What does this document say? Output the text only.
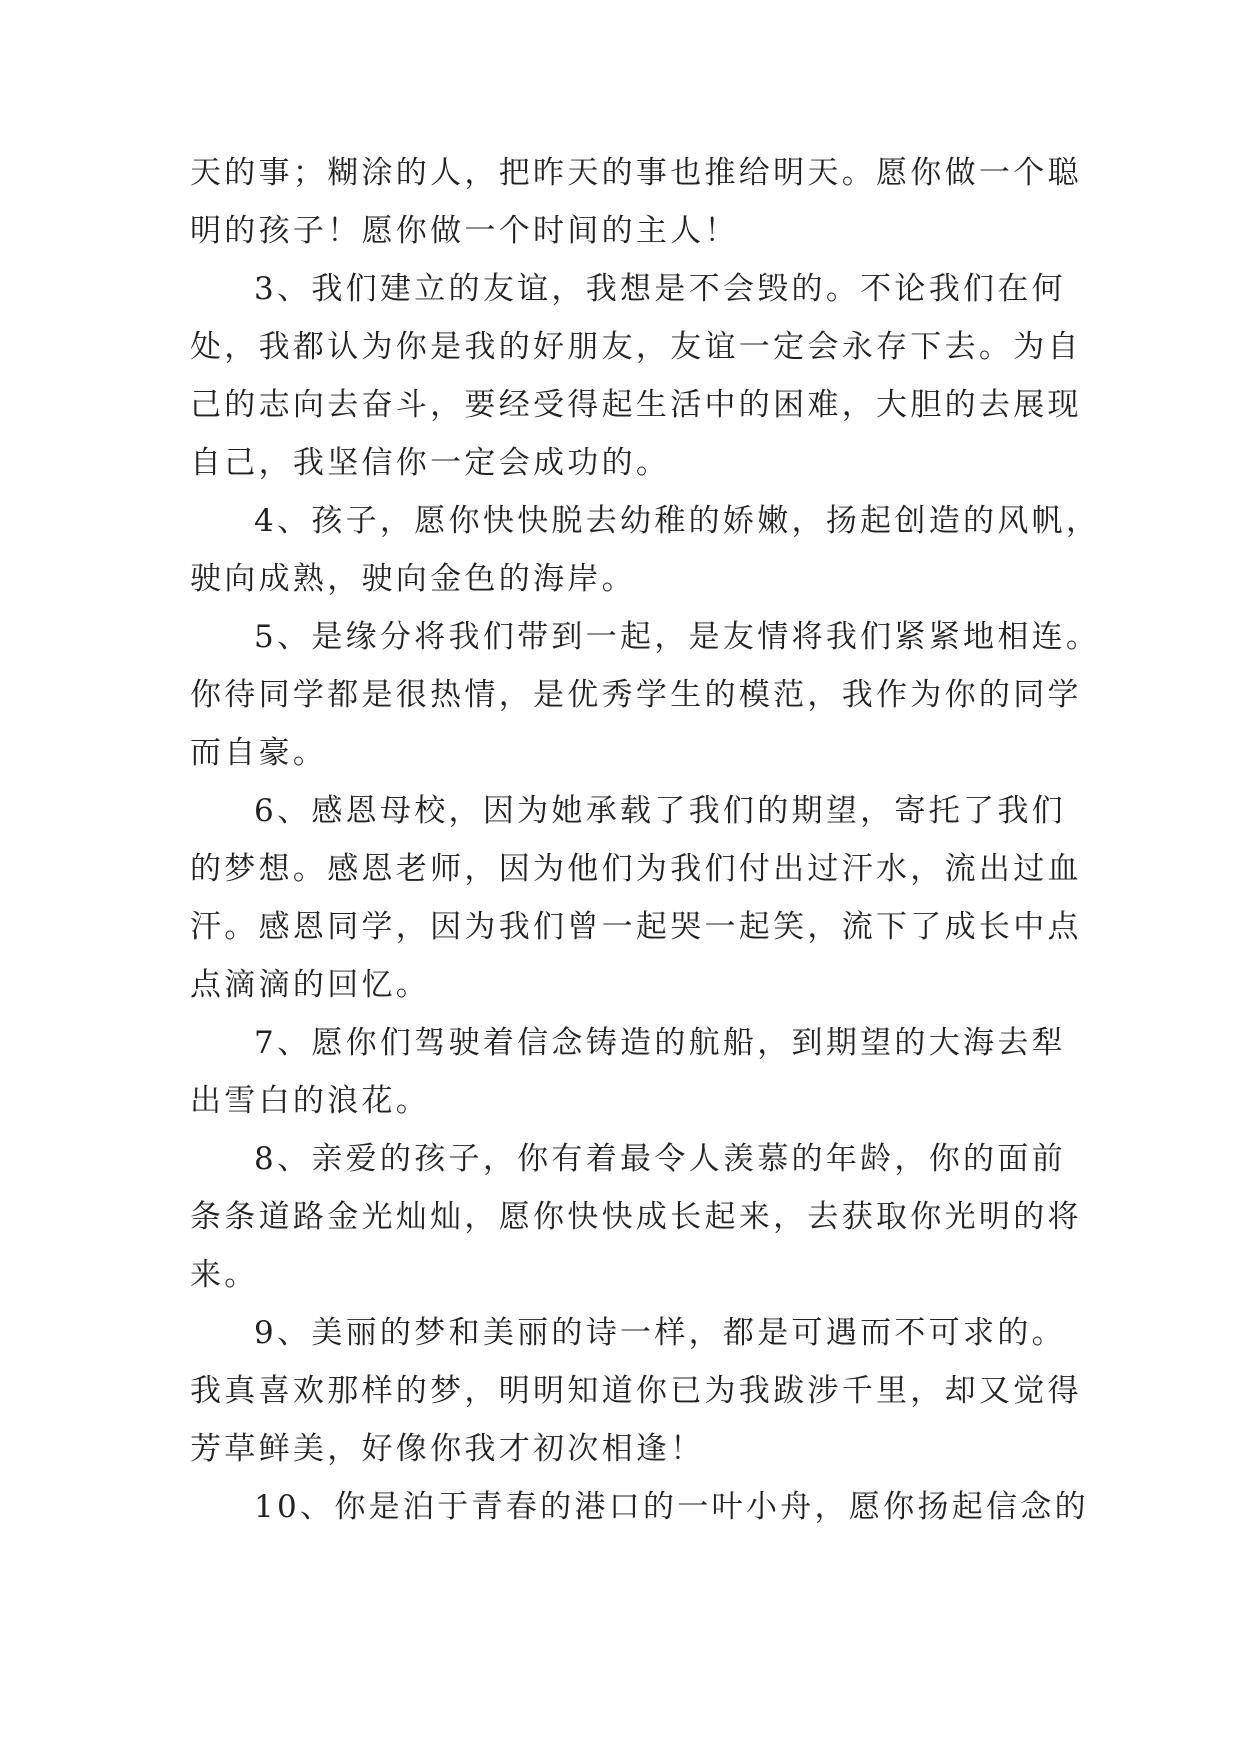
天的事；糊涂的人，把昨天的事也推给明天。愿你做一个聪
明的孩子！愿你做一个时间的主人！
3、我们建立的友谊，我想是不会毁的。不论我们在何
处，我都认为你是我的好朋友，友谊一定会永存下去。为自
己的志向去奋斗，要经受得起生活中的困难，大胆的去展现
自己，我坚信你一定会成功的。
4、孩子，愿你快快脱去幼稚的娇嫩，扬起创造的风帆，
驶向成熟，驶向金色的海岸。
5、是缘分将我们带到一起，是友情将我们紧紧地相连。
你待同学都是很热情，是优秀学生的模范，我作为你的同学
而自豪。
6、感恩母校，因为她承载了我们的期望，寄托了我们
的梦想。感恩老师，因为他们为我们付出过汗水，流出过血
汗。感恩同学，因为我们曾一起哭一起笑，流下了成长中点
点滴滴的回忆。
7、愿你们驾驶着信念铸造的航船，到期望的大海去犁
出雪白的浪花。
8、亲爱的孩子，你有着最令人羡慕的年龄，你的面前
条条道路金光灿灿，愿你快快成长起来，去获取你光明的将
来。
9、美丽的梦和美丽的诗一样，都是可遇而不可求的。
我真喜欢那样的梦，明明知道你已为我跋涉千里，却又觉得
芳草鲜美，好像你我才初次相逢！
10、你是泊于青春的港口的一叶小舟，愿你扬起信念的
